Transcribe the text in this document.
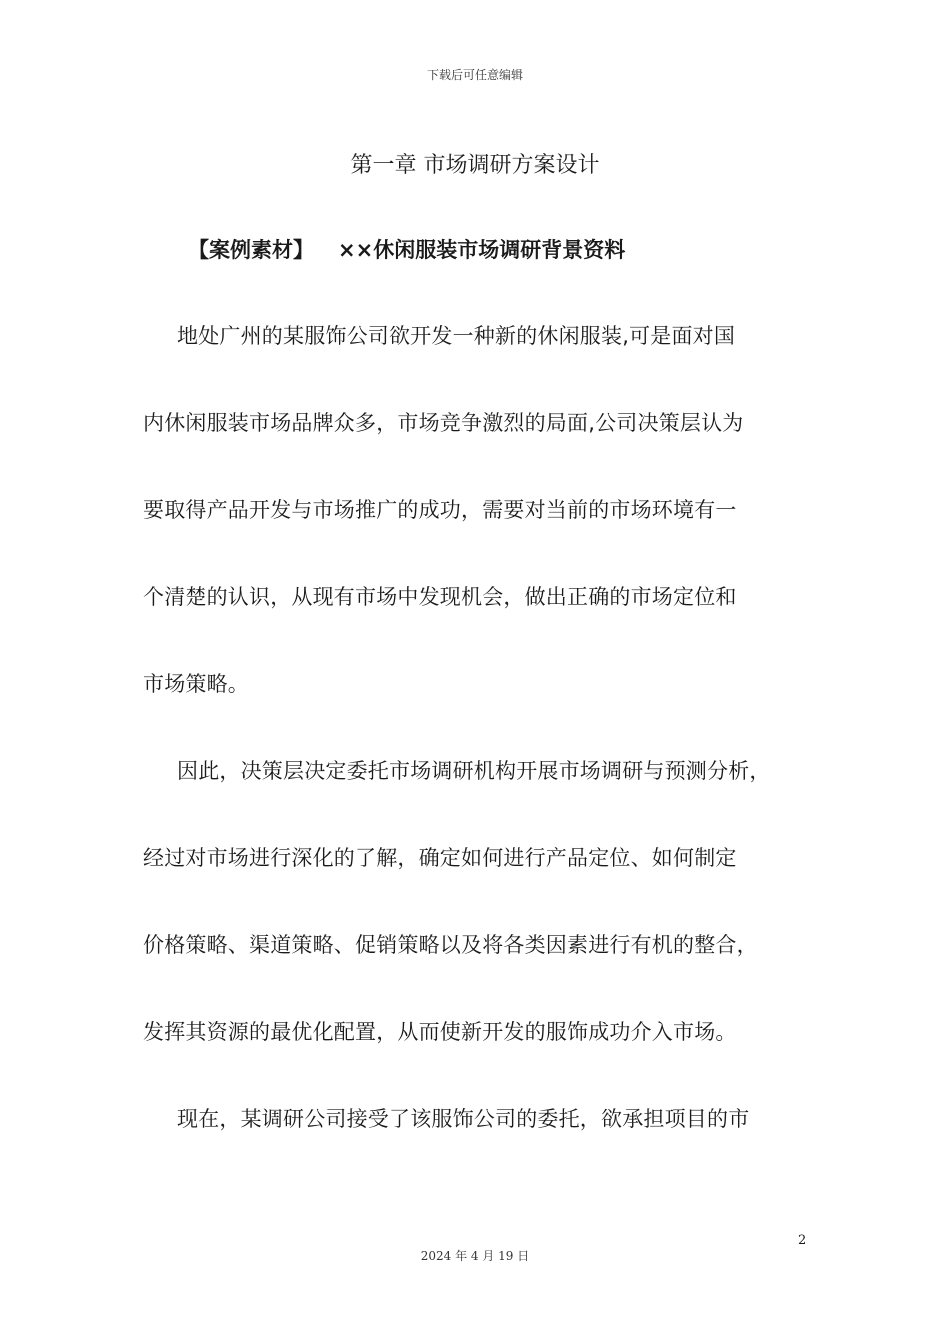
下载后可任意编辑
第一章 市场调研方案设计
【案例素材】 ××休闲服装市场调研背景资料
地处广州的某服饰公司欲开发一种新的休闲服装,可是面对国
内休闲服装市场品牌众多，市场竞争激烈的局面,公司决策层认为
要取得产品开发与市场推广的成功，需要对当前的市场环境有一
个清楚的认识，从现有市场中发现机会，做出正确的市场定位和
市场策略。
因此，决策层决定委托市场调研机构开展市场调研与预测分析，
经过对市场进行深化的了解，确定如何进行产品定位、如何制定
价格策略、渠道策略、促销策略以及将各类因素进行有机的整合，
发挥其资源的最优化配置，从而使新开发的服饰成功介入市场。
现在，某调研公司接受了该服饰公司的委托，欲承担项目的市
2
2024 年 4 月 19 日
